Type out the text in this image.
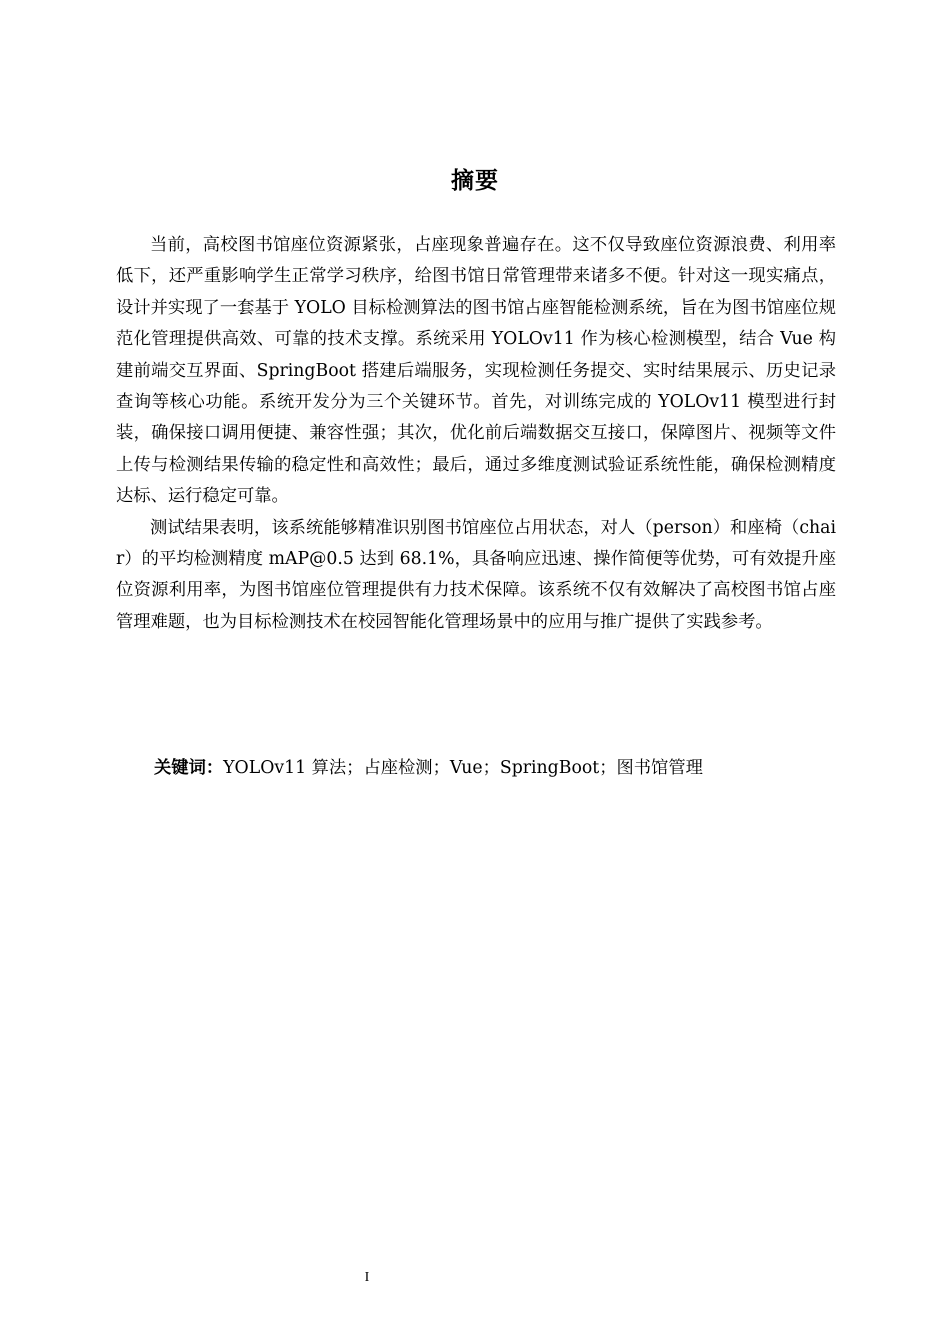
摘要

当前，高校图书馆座位资源紧张，占座现象普遍存在。这不仅导致座位资源浪费、利用率低下，还严重影响学生正常学习秩序，给图书馆日常管理带来诸多不便。针对这一现实痛点，设计并实现了一套基于 YOLO 目标检测算法的图书馆占座智能检测系统，旨在为图书馆座位规范化管理提供高效、可靠的技术支撑。系统采用 YOLOv11 作为核心检测模型，结合 Vue 构建前端交互界面、SpringBoot 搭建后端服务，实现检测任务提交、实时结果展示、历史记录查询等核心功能。系统开发分为三个关键环节。首先，对训练完成的 YOLOv11 模型进行封装，确保接口调用便捷、兼容性强；其次，优化前后端数据交互接口，保障图片、视频等文件上传与检测结果传输的稳定性和高效性；最后，通过多维度测试验证系统性能，确保检测精度达标、运行稳定可靠。

测试结果表明，该系统能够精准识别图书馆座位占用状态，对人（person）和座椅（chair）的平均检测精度 mAP@0.5 达到 68.1%，具备响应迅速、操作简便等优势，可有效提升座位资源利用率，为图书馆座位管理提供有力技术保障。该系统不仅有效解决了高校图书馆占座管理难题，也为目标检测技术在校园智能化管理场景中的应用与推广提供了实践参考。

关键词：YOLOv11 算法；占座检测；Vue；SpringBoot；图书馆管理
I
